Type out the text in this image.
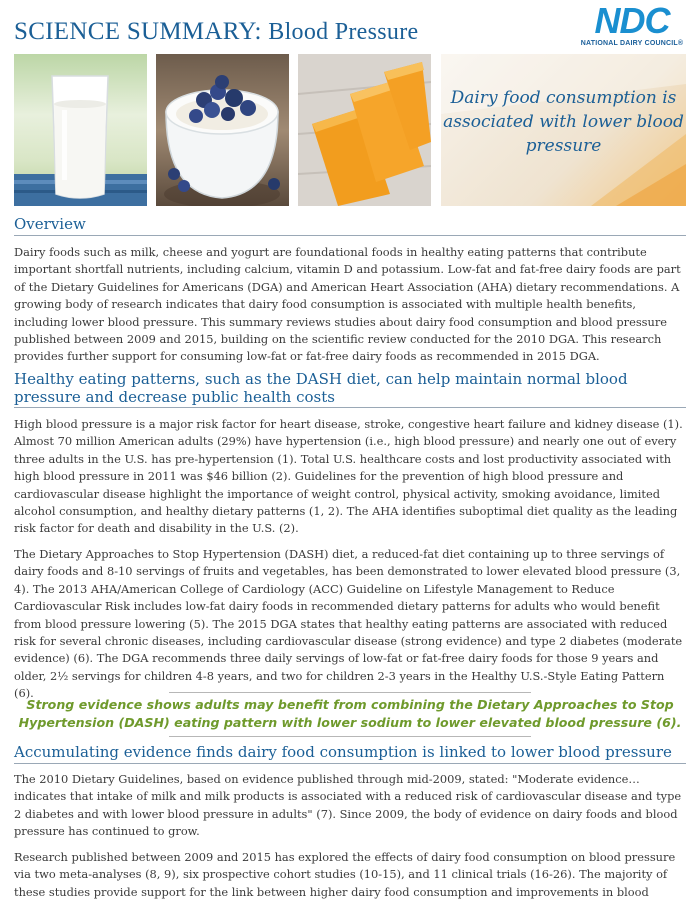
SCIENCE SUMMARY: Blood Pressure	NDC
NATIONAL DAIRY COUNCIL®
Dairy food consumption is associated with lower blood pressure
Overview

Dairy foods such as milk, cheese and yogurt are foundational foods in healthy eating patterns that contribute important shortfall nutrients, including calcium, vitamin D and potassium. Low-fat and fat-free dairy foods are part of the Dietary Guidelines for Americans (DGA) and American Heart Association (AHA) dietary recommendations. A growing body of research indicates that dairy food consumption is associated with multiple health benefits, including lower blood pressure. This summary reviews studies about dairy food consumption and blood pressure published between 2009 and 2015, building on the scientific review conducted for the 2010 DGA. This research provides further support for consuming low-fat or fat-free dairy foods as recommended in 2015 DGA.

Healthy eating patterns, such as the DASH diet, can help maintain normal blood pressure and decrease public health costs

High blood pressure is a major risk factor for heart disease, stroke, congestive heart failure and kidney disease (1). Almost 70 million American adults (29%) have hypertension (i.e., high blood pressure) and nearly one out of every three adults in the U.S. has pre-hypertension (1). Total U.S. healthcare costs and lost productivity associated with high blood pressure in 2011 was $46 billion (2). Guidelines for the prevention of high blood pressure and cardiovascular disease highlight the importance of weight control, physical activity, smoking avoidance, limited alcohol consumption, and healthy dietary patterns (1, 2). The AHA identifies suboptimal diet quality as the leading risk factor for death and disability in the U.S. (2).

The Dietary Approaches to Stop Hypertension (DASH) diet, a reduced-fat diet containing up to three servings of dairy foods and 8-10 servings of fruits and vegetables, has been demonstrated to lower elevated blood pressure (3, 4). The 2013 AHA/American College of Cardiology (ACC) Guideline on Lifestyle Management to Reduce Cardiovascular Risk includes low-fat dairy foods in recommended dietary patterns for adults who would benefit from blood pressure lowering (5). The 2015 DGA states that healthy eating patterns are associated with reduced risk for several chronic diseases, including cardiovascular disease (strong evidence) and type 2 diabetes (moderate evidence) (6). The DGA recommends three daily servings of low-fat or fat-free dairy foods for those 9 years and older, 2½ servings for children 4-8 years, and two for children 2-3 years in the Healthy U.S.-Style Eating Pattern (6).

Strong evidence shows adults may benefit from combining the Dietary Approaches to Stop Hypertension (DASH) eating pattern with lower sodium to lower elevated blood pressure (6).
Accumulating evidence finds dairy food consumption is linked to lower blood pressure

The 2010 Dietary Guidelines, based on evidence published through mid-2009, stated: "Moderate evidence…indicates that intake of milk and milk products is associated with a reduced risk of cardiovascular disease and type 2 diabetes and with lower blood pressure in adults" (7). Since 2009, the body of evidence on dairy foods and blood pressure has continued to grow.

Research published between 2009 and 2015 has explored the effects of dairy food consumption on blood pressure via two meta-analyses (8, 9), six prospective cohort studies (10-15), and 11 clinical trials (16-26). The majority of these studies provide support for the link between higher dairy food consumption and improvements in blood
